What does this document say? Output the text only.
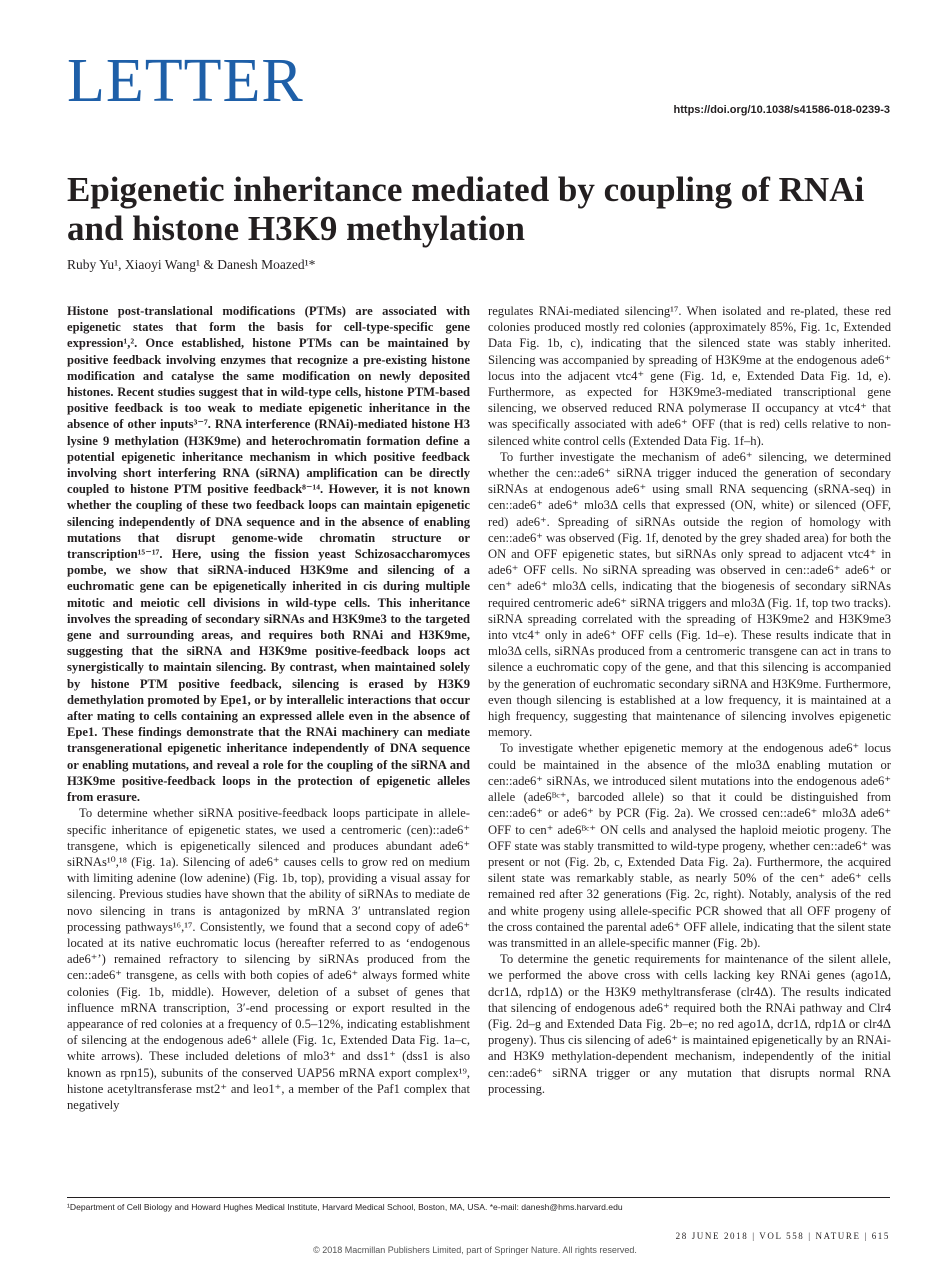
LETTER	https://doi.org/10.1038/s41586-018-0239-3
Epigenetic inheritance mediated by coupling of RNAi and histone H3K9 methylation
Ruby Yu¹, Xiaoyi Wang¹ & Danesh Moazed¹*

Histone post-translational modifications (PTMs) are associated with epigenetic states that form the basis for cell-type-specific gene expression¹,². Once established, histone PTMs can be maintained by positive feedback involving enzymes that recognize a pre-existing histone modification and catalyse the same modification on newly deposited histones. Recent studies suggest that in wild-type cells, histone PTM-based positive feedback is too weak to mediate epigenetic inheritance in the absence of other inputs³⁻⁷. RNA interference (RNAi)-mediated histone H3 lysine 9 methylation (H3K9me) and heterochromatin formation define a potential epigenetic inheritance mechanism in which positive feedback involving short interfering RNA (siRNA) amplification can be directly coupled to histone PTM positive feedback⁸⁻¹⁴. However, it is not known whether the coupling of these two feedback loops can maintain epigenetic silencing independently of DNA sequence and in the absence of enabling mutations that disrupt genome-wide chromatin structure or transcription¹⁵⁻¹⁷. Here, using the fission yeast Schizosaccharomyces pombe, we show that siRNA-induced H3K9me and silencing of a euchromatic gene can be epigenetically inherited in cis during multiple mitotic and meiotic cell divisions in wild-type cells. This inheritance involves the spreading of secondary siRNAs and H3K9me3 to the targeted gene and surrounding areas, and requires both RNAi and H3K9me, suggesting that the siRNA and H3K9me positive-feedback loops act synergistically to maintain silencing. By contrast, when maintained solely by histone PTM positive feedback, silencing is erased by H3K9 demethylation promoted by Epe1, or by interallelic interactions that occur after mating to cells containing an expressed allele even in the absence of Epe1. These findings demonstrate that the RNAi machinery can mediate transgenerational epigenetic inheritance independently of DNA sequence or enabling mutations, and reveal a role for the coupling of the siRNA and H3K9me positive-feedback loops in the protection of epigenetic alleles from erasure.

To determine whether siRNA positive-feedback loops participate in allele-specific inheritance of epigenetic states, we used a centromeric (cen)::ade6⁺ transgene, which is epigenetically silenced and produces abundant ade6⁺ siRNAs¹⁰,¹⁸ (Fig. 1a). Silencing of ade6⁺ causes cells to grow red on medium with limiting adenine (low adenine) (Fig. 1b, top), providing a visual assay for silencing. Previous studies have shown that the ability of siRNAs to mediate de novo silencing in trans is antagonized by mRNA 3′ untranslated region processing pathways¹⁶,¹⁷. Consistently, we found that a second copy of ade6⁺ located at its native euchromatic locus (hereafter referred to as ‘endogenous ade6⁺’) remained refractory to silencing by siRNAs produced from the cen::ade6⁺ transgene, as cells with both copies of ade6⁺ always formed white colonies (Fig. 1b, middle). However, deletion of a subset of genes that influence mRNA transcription, 3′-end processing or export resulted in the appearance of red colonies at a frequency of 0.5–12%, indicating establishment of silencing at the endogenous ade6⁺ allele (Fig. 1c, Extended Data Fig. 1a–c, white arrows). These included deletions of mlo3⁺ and dss1⁺ (dss1 is also known as rpn15), subunits of the conserved UAP56 mRNA export complex¹⁹, histone acetyltransferase mst2⁺ and leo1⁺, a member of the Paf1 complex that negatively

regulates RNAi-mediated silencing¹⁷. When isolated and re-plated, these red colonies produced mostly red colonies (approximately 85%, Fig. 1c, Extended Data Fig. 1b, c), indicating that the silenced state was stably inherited. Silencing was accompanied by spreading of H3K9me at the endogenous ade6⁺ locus into the adjacent vtc4⁺ gene (Fig. 1d, e, Extended Data Fig. 1d, e). Furthermore, as expected for H3K9me3-mediated transcriptional gene silencing, we observed reduced RNA polymerase II occupancy at vtc4⁺ that was specifically associated with ade6⁺ OFF (that is red) cells relative to non-silenced white control cells (Extended Data Fig. 1f–h).

To further investigate the mechanism of ade6⁺ silencing, we determined whether the cen::ade6⁺ siRNA trigger induced the generation of secondary siRNAs at endogenous ade6⁺ using small RNA sequencing (sRNA-seq) in cen::ade6⁺ ade6⁺ mlo3Δ cells that expressed (ON, white) or silenced (OFF, red) ade6⁺. Spreading of siRNAs outside the region of homology with cen::ade6⁺ was observed (Fig. 1f, denoted by the grey shaded area) for both the ON and OFF epigenetic states, but siRNAs only spread to adjacent vtc4⁺ in ade6⁺ OFF cells. No siRNA spreading was observed in cen::ade6⁺ ade6⁺ or cen⁺ ade6⁺ mlo3Δ cells, indicating that the biogenesis of secondary siRNAs required centromeric ade6⁺ siRNA triggers and mlo3Δ (Fig. 1f, top two tracks). siRNA spreading correlated with the spreading of H3K9me2 and H3K9me3 into vtc4⁺ only in ade6⁺ OFF cells (Fig. 1d–e). These results indicate that in mlo3Δ cells, siRNAs produced from a centromeric transgene can act in trans to silence a euchromatic copy of the gene, and that this silencing is accompanied by the generation of euchromatic secondary siRNA and H3K9me. Furthermore, even though silencing is established at a low frequency, it is maintained at a high frequency, suggesting that maintenance of silencing involves epigenetic memory.

To investigate whether epigenetic memory at the endogenous ade6⁺ locus could be maintained in the absence of the mlo3Δ enabling mutation or cen::ade6⁺ siRNAs, we introduced silent mutations into the endogenous ade6⁺ allele (ade6ᴮᶜ⁺, barcoded allele) so that it could be distinguished from cen::ade6⁺ or ade6⁺ by PCR (Fig. 2a). We crossed cen::ade6⁺ mlo3Δ ade6⁺ OFF to cen⁺ ade6ᴮᶜ⁺ ON cells and analysed the haploid meiotic progeny. The OFF state was stably transmitted to wild-type progeny, whether cen::ade6⁺ was present or not (Fig. 2b, c, Extended Data Fig. 2a). Furthermore, the acquired silent state was remarkably stable, as nearly 50% of the cen⁺ ade6⁺ cells remained red after 32 generations (Fig. 2c, right). Notably, analysis of the red and white progeny using allele-specific PCR showed that all OFF progeny of the cross contained the parental ade6⁺ OFF allele, indicating that the silent state was transmitted in an allele-specific manner (Fig. 2b).

To determine the genetic requirements for maintenance of the silent allele, we performed the above cross with cells lacking key RNAi genes (ago1Δ, dcr1Δ, rdp1Δ) or the H3K9 methyltransferase (clr4Δ). The results indicated that silencing of endogenous ade6⁺ required both the RNAi pathway and Clr4 (Fig. 2d–g and Extended Data Fig. 2b–e; no red ago1Δ, dcr1Δ, rdp1Δ or clr4Δ progeny). Thus cis silencing of ade6⁺ is maintained epigenetically by an RNAi- and H3K9 methylation-dependent mechanism, independently of the initial cen::ade6⁺ siRNA trigger or any mutation that disrupts normal RNA processing.

¹Department of Cell Biology and Howard Hughes Medical Institute, Harvard Medical School, Boston, MA, USA. *e-mail: danesh@hms.harvard.edu
28 JUNE 2018 | VOL 558 | NATURE | 615
© 2018 Macmillan Publishers Limited, part of Springer Nature. All rights reserved.
